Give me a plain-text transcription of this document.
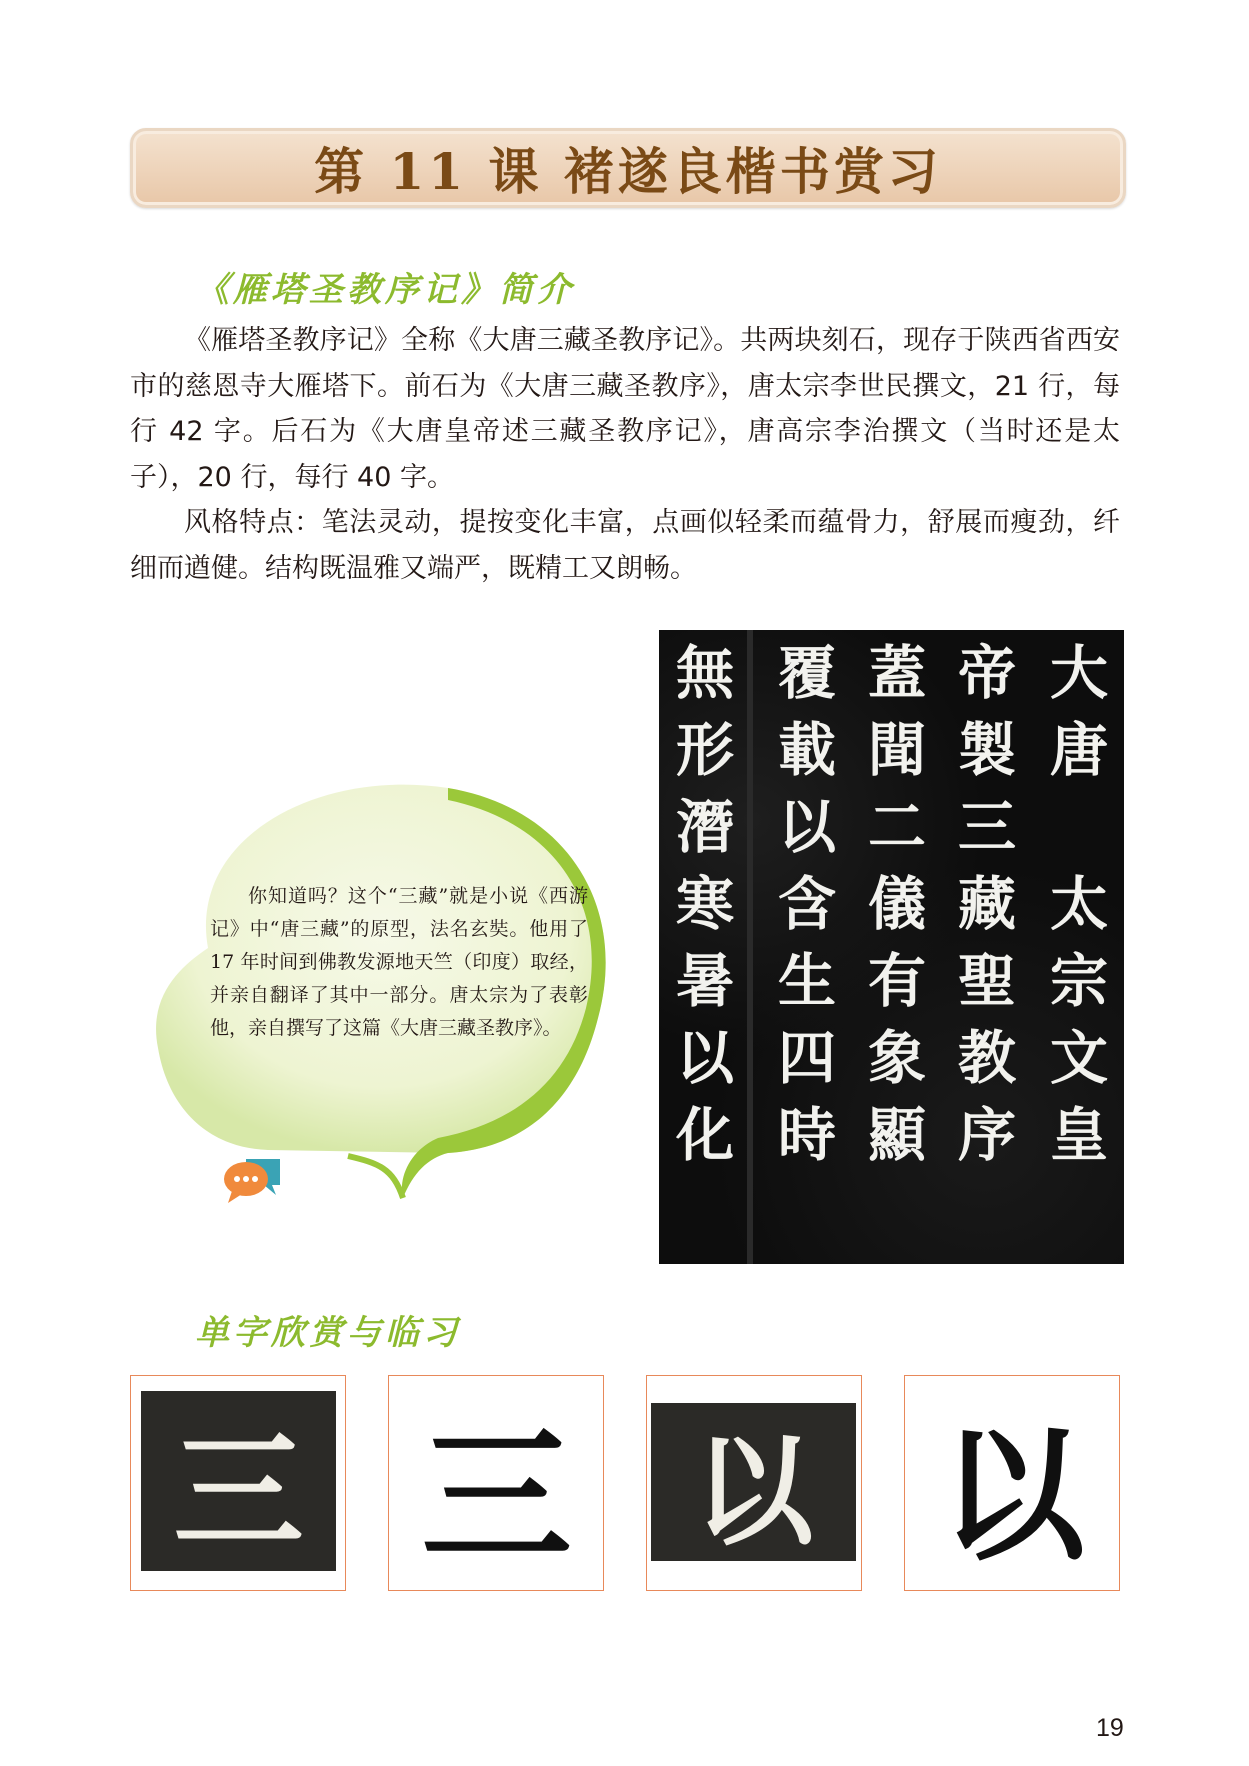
第 11 课 褚遂良楷书赏习
《雁塔圣教序记》简介

《雁塔圣教序记》全称《大唐三藏圣教序记》。共两块刻石，现存于陕西省西安市的慈恩寺大雁塔下。前石为《大唐三藏圣教序》，唐太宗李世民撰文，21 行，每行 42 字。后石为《大唐皇帝述三藏圣教序记》，唐高宗李治撰文（当时还是太子），20 行，每行 40 字。

风格特点：笔法灵动，提按变化丰富，点画似轻柔而蕴骨力，舒展而瘦劲，纤细而遒健。结构既温雅又端严，既精工又朗畅。

你知道吗？这个“三藏”就是小说《西游记》中“唐三藏”的原型，法名玄奘。他用了 17 年时间到佛教发源地天竺（印度）取经，并亲自翻译了其中一部分。唐太宗为了表彰他，亲自撰写了这篇《大唐三藏圣教序》。

大
唐
太
宗
文
皇
帝
製
三
藏
聖
教
序
蓋
聞
二
儀
有
象
顯
覆
載
以
含
生
四
時
無
形
潛
寒
暑
以
化
单字欣赏与临习
三 三	以 以
19
